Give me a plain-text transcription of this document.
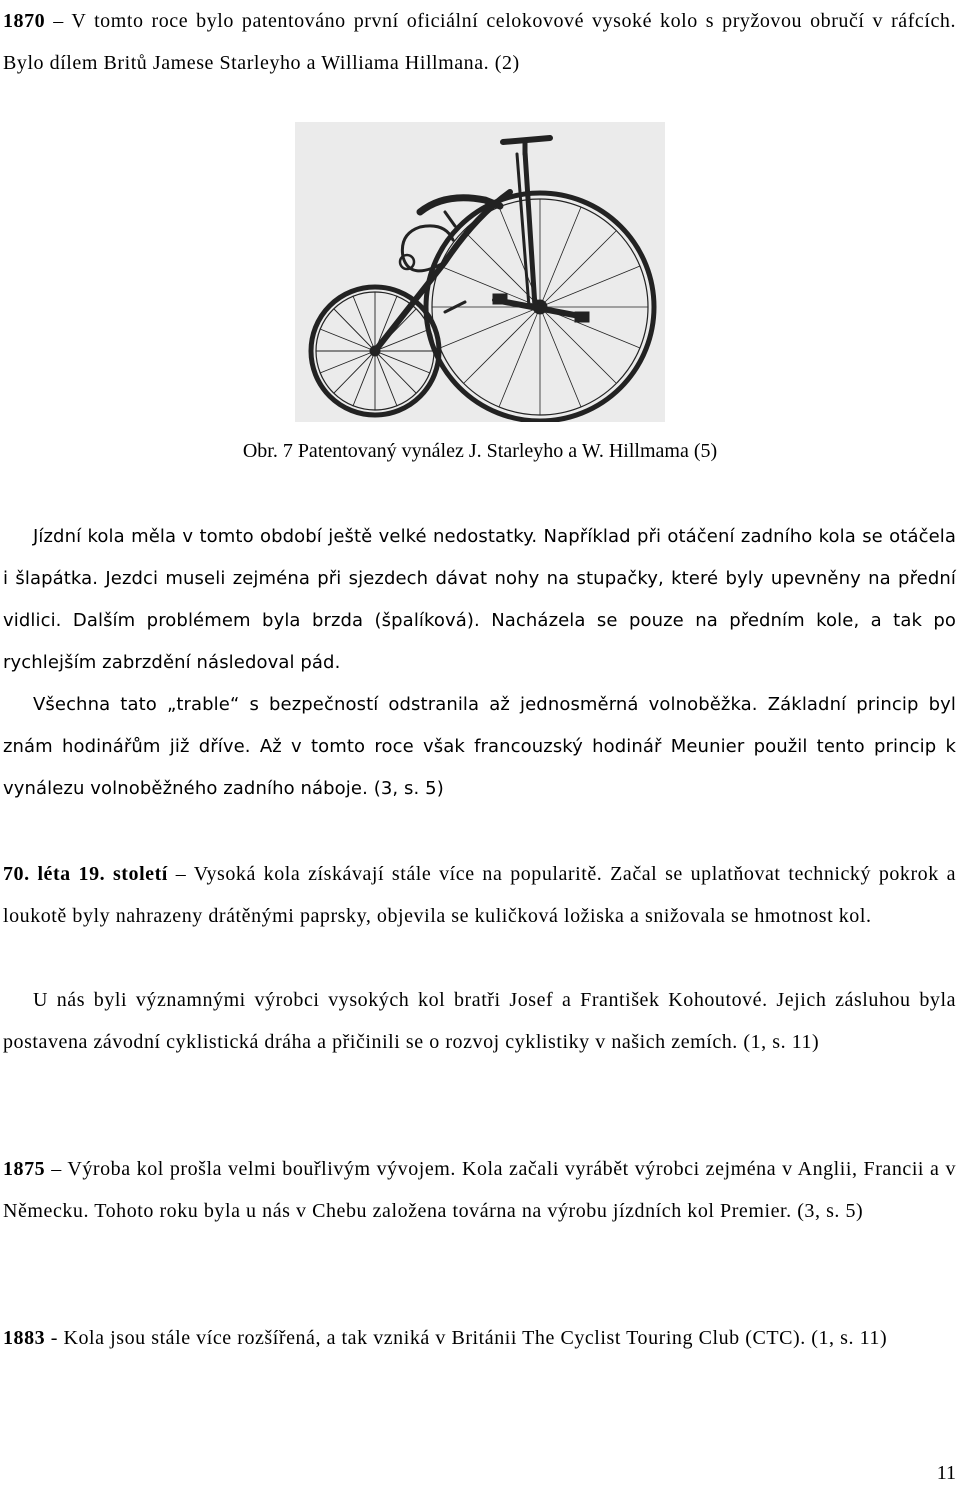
1870 – V tomto roce bylo patentováno první oficiální celokovové vysoké kolo s pryžovou obručí v ráfcích. Bylo dílem Britů Jamese Starleyho a Williama Hillmana. (2)

Obr. 7 Patentovaný vynález J. Starleyho a W. Hillmama (5)

Jízdní kola měla v tomto období ještě velké nedostatky. Například při otáčení zadního kola se otáčela i šlapátka. Jezdci museli zejména při sjezdech dávat nohy na stupačky, které byly upevněny na přední vidlici. Dalším problémem byla brzda (špalíková). Nacházela se pouze na předním kole, a tak po rychlejším zabrzdění následoval pád.

Všechna tato „trable“ s bezpečností odstranila až jednosměrná volnoběžka. Základní princip byl znám hodinářům již dříve. Až v tomto roce však francouzský hodinář Meunier použil tento princip k vynálezu volnoběžného zadního náboje. (3, s. 5)

70. léta 19. století – Vysoká kola získávají stále více na popularitě. Začal se uplatňovat technický pokrok a loukotě byly nahrazeny drátěnými paprsky, objevila se kuličková ložiska a snižovala se hmotnost kol.

U nás byli významnými výrobci vysokých kol bratři Josef a František Kohoutové. Jejich zásluhou byla postavena závodní cyklistická dráha a přičinili se o rozvoj cyklistiky v našich zemích. (1, s. 11)

1875 – Výroba kol prošla velmi bouřlivým vývojem. Kola začali vyrábět výrobci zejména v Anglii, Francii a v Německu. Tohoto roku byla u nás v Chebu založena továrna na výrobu jízdních kol Premier. (3, s. 5)

1883 - Kola jsou stále více rozšířená, a tak vzniká v Británii The Cyclist Touring Club (CTC). (1, s. 11)

11
